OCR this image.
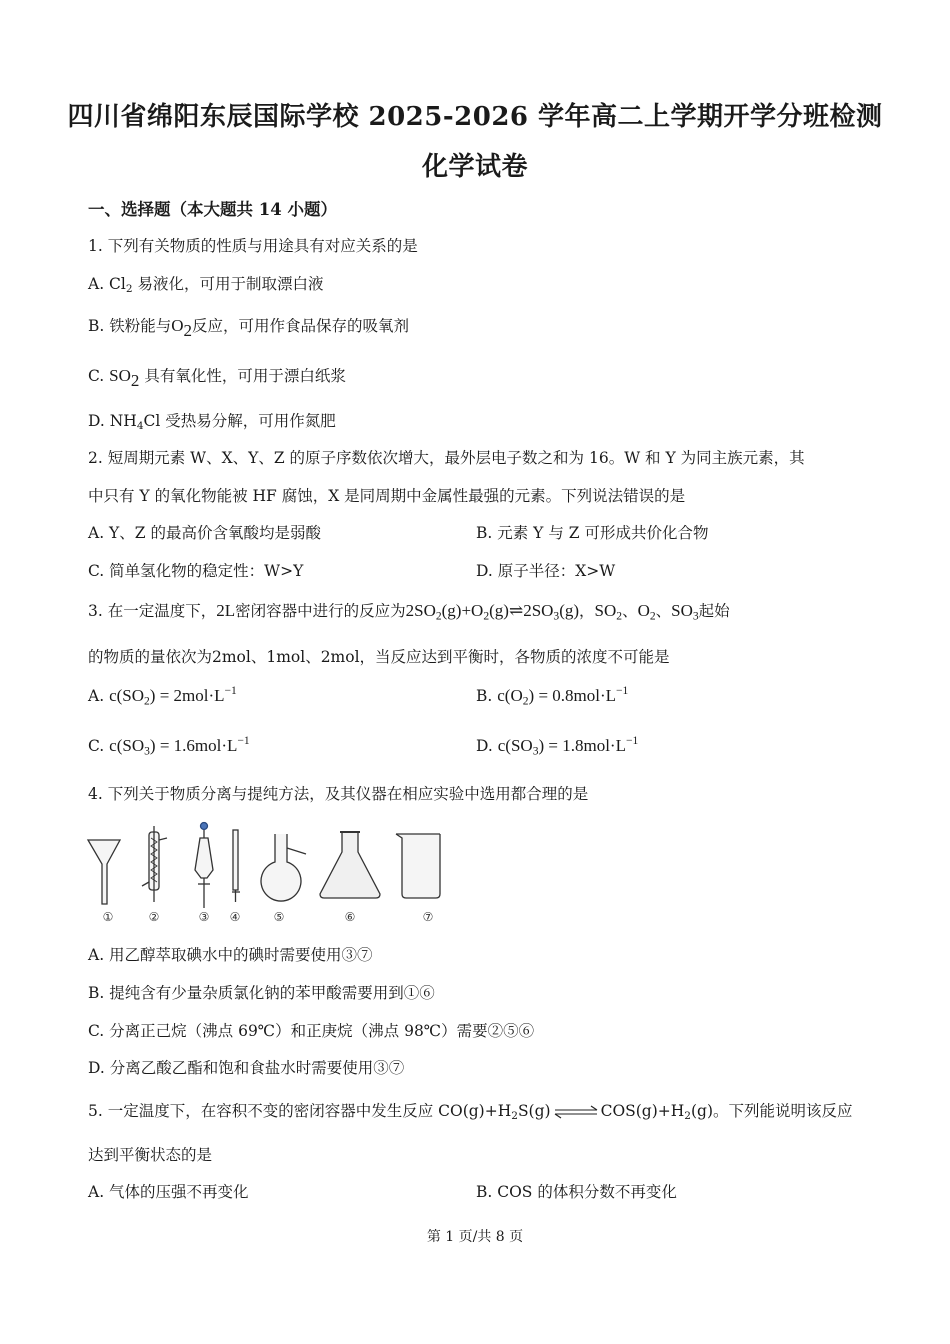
四川省绵阳东辰国际学校 2025-2026 学年高二上学期开学分班检测
化学试卷
一、选择题（本大题共 14 小题）
1. 下列有关物质的性质与用途具有对应关系的是
A. $Cl_2$ 易液化，可用于制取漂白液
B. 铁粉能与$O_2$反应，可用作食品保存的吸氧剂
C. $SO_2$ 具有氧化性，可用于漂白纸浆
D. $NH_4Cl$ 受热易分解，可用作氮肥
2. 短周期元素 W、X、Y、Z 的原子序数依次增大，最外层电子数之和为 16。W 和 Y 为同主族元素，其
中只有 Y 的氧化物能被 HF 腐蚀，X 是同周期中金属性最强的元素。下列说法错误的是
A. Y、Z 的最高价含氧酸均是弱酸	B. 元素 Y 与 Z 可形成共价化合物
C. 简单氢化物的稳定性：W>Y	D. 原子半径：X>W
3. 在一定温度下，2L密闭容器中进行的反应为$2SO_2(g)+O_2(g)\rightleftharpoons 2SO_3(g)$，$SO_2$、$O_2$、$SO_3$起始
的物质的量依次为2mol、1mol、2mol，当反应达到平衡时，各物质的浓度不可能是
A. $c(SO_2) = 2mol\cdot L^{-1}$	B. $c(O_2) = 0.8mol\cdot L^{-1}$
C. $c(SO_3) = 1.6mol\cdot L^{-1}$	D. $c(SO_3) = 1.8mol\cdot L^{-1}$
4. 下列关于物质分离与提纯方法，及其仪器在相应实验中选用都合理的是
①	②	③ ④	⑤	⑥	⑦
A. 用乙醇萃取碘水中的碘时需要使用③⑦
B. 提纯含有少量杂质氯化钠的苯甲酸需要用到①⑥
C. 分离正己烷（沸点 69℃）和正庚烷（沸点 98℃）需要②⑤⑥
D. 分离乙酸乙酯和饱和食盐水时需要使用③⑦
5. 一定温度下，在容积不变的密闭容器中发生反应 $CO(g)+H_2S(g)$ ⇌ $COS(g)+H_2(g)$。下列能说明该反应
达到平衡状态的是
A. 气体的压强不再变化	B. COS 的体积分数不再变化
第 1 页/共 8 页
